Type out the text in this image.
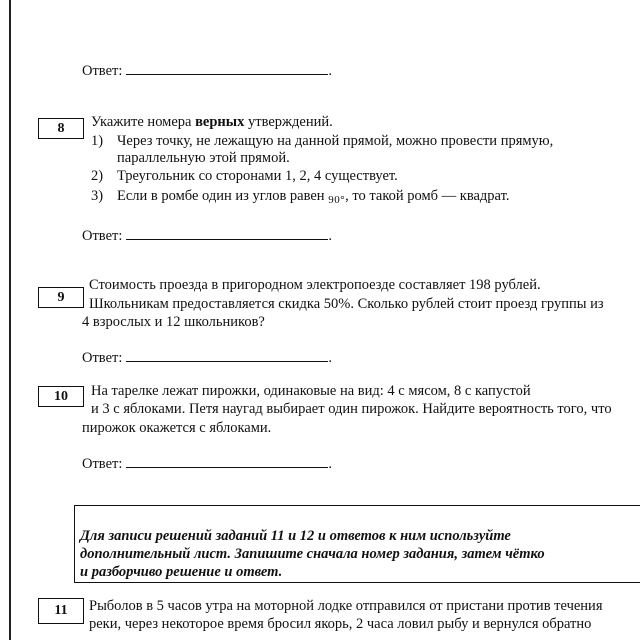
Ответ:	.
8	Укажите номера верных утверждений.
1) Через точку, не лежащую на данной прямой, можно провести прямую,
параллельную этой прямой.
2) Треугольник со сторонами 1, 2, 4 существует.
3) Если в ромбе один из углов равен $_{90^\circ}$, то такой ромб — квадрат.
Ответ:	.
9
Стоимость проезда в пригородном электропоезде составляет 198 рублей.
Школьникам предоставляется скидка 50%. Сколько рублей стоит проезд группы из
4 взрослых и 12 школьников?
Ответ:	.
10	На тарелке лежат пирожки, одинаковые на вид: 4 с мясом, 8 с капустой
и 3 с яблоками. Петя наугад выбирает один пирожок. Найдите вероятность того, что
пирожок окажется с яблоками.
Ответ:	.
Для записи решений заданий 11 и 12 и ответов к ним используйте
дополнительный лист. Запишите сначала номер задания, затем чётко
и разборчиво решение и ответ.
11	Рыболов в 5 часов утра на моторной лодке отправился от пристани против течения
реки, через некоторое время бросил якорь, 2 часа ловил рыбу и вернулся обратно
